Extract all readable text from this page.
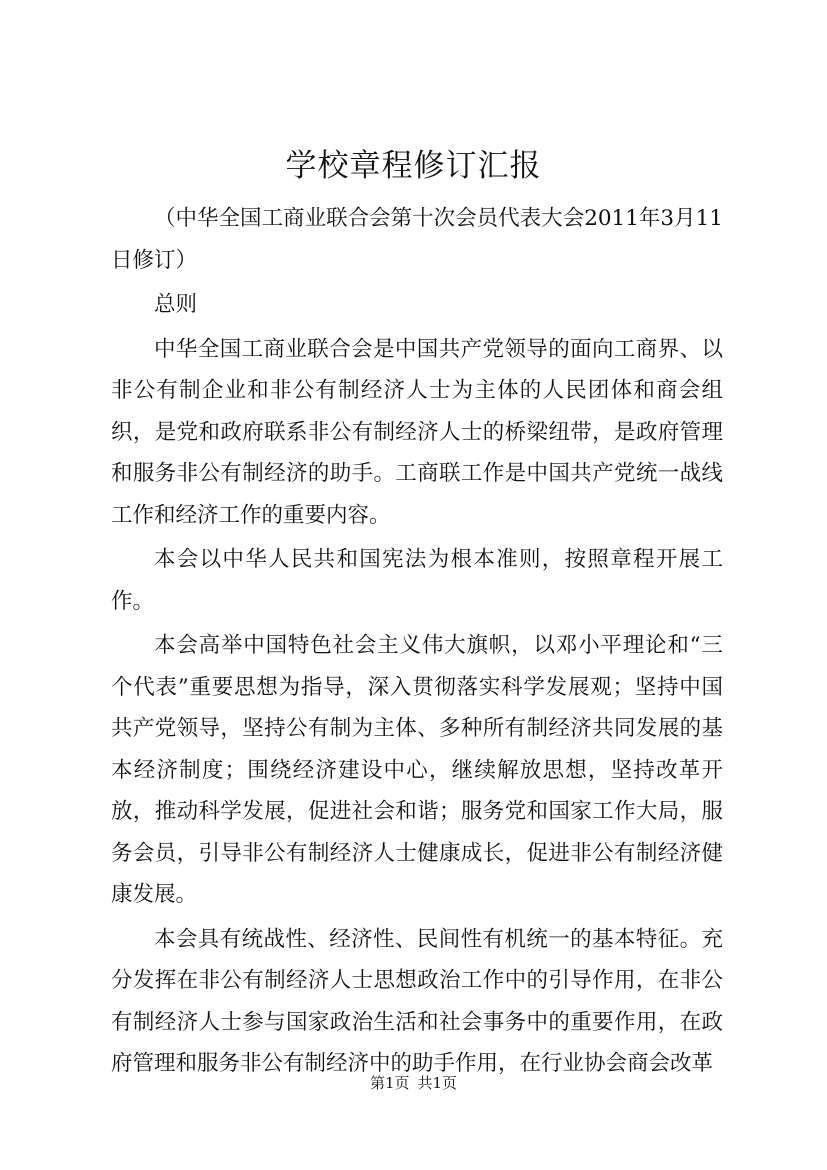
学校章程修订汇报

（中华全国工商业联合会第十次会员代表大会2011年3月11日修订）

总则

中华全国工商业联合会是中国共产党领导的面向工商界、以非公有制企业和非公有制经济人士为主体的人民团体和商会组织，是党和政府联系非公有制经济人士的桥梁纽带，是政府管理和服务非公有制经济的助手。工商联工作是中国共产党统一战线工作和经济工作的重要内容。

本会以中华人民共和国宪法为根本准则，按照章程开展工作。

本会高举中国特色社会主义伟大旗帜，以邓小平理论和“三个代表”重要思想为指导，深入贯彻落实科学发展观；坚持中国共产党领导，坚持公有制为主体、多种所有制经济共同发展的基本经济制度；围绕经济建设中心，继续解放思想，坚持改革开放，推动科学发展，促进社会和谐；服务党和国家工作大局，服务会员，引导非公有制经济人士健康成长，促进非公有制经济健康发展。

本会具有统战性、经济性、民间性有机统一的基本特征。充分发挥在非公有制经济人士思想政治工作中的引导作用，在非公有制经济人士参与国家政治生活和社会事务中的重要作用，在政府管理和服务非公有制经济中的助手作用，在行业协会商会改革

第1页 共1页
